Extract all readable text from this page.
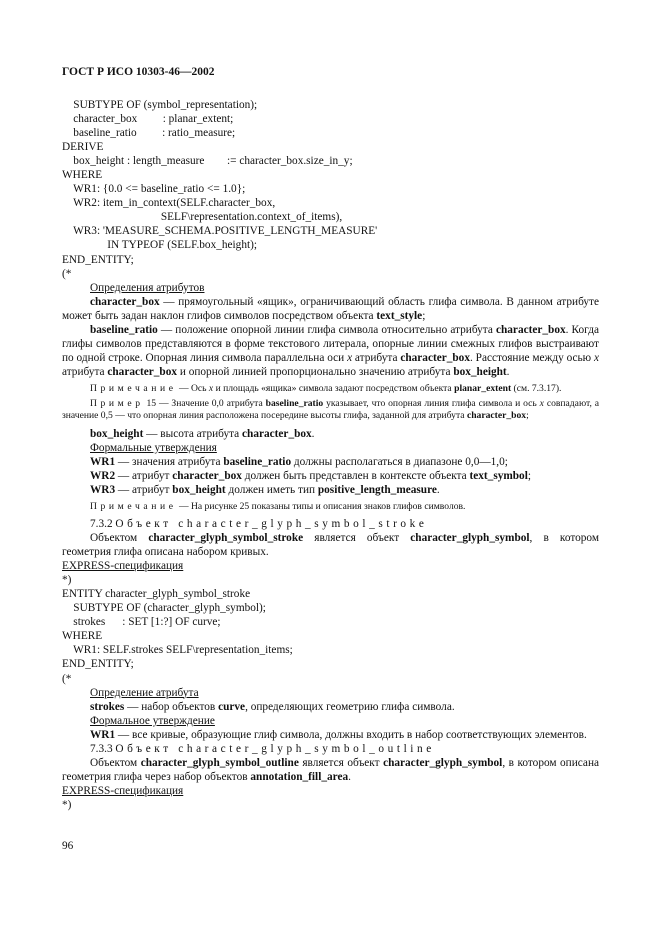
ГОСТ Р ИСО 10303-46—2002
SUBTYPE OF (symbol_representation);
character_box         : planar_extent;
baseline_ratio         : ratio_measure;
DERIVE
box_height : length_measure        := character_box.size_in_y;
WHERE
WR1: {0.0 <= baseline_ratio <= 1.0};
WR2: item_in_context(SELF.character_box,
SELF\representation.context_of_items),
WR3: 'MEASURE_SCHEMA.POSITIVE_LENGTH_MEASURE'
IN TYPEOF (SELF.box_height);
END_ENTITY;
(*
Определения атрибутов
character_box — прямоугольный «ящик», ограничивающий область глифа символа. В данном атрибуте может быть задан наклон глифов символов посредством объекта text_style;
baseline_ratio — положение опорной линии глифа символа относительно атрибута character_box. Когда глифы символов представляются в форме текстового литерала, опорные линии смежных глифов выстраивают по одной строке. Опорная линия символа параллельна оси x атрибута character_box. Расстояние между осью x атрибута character_box и опорной линией пропорционально значению атрибута box_height.
Примечание — Ось x и площадь «ящика» символа задают посредством объекта planar_extent (см. 7.3.17).
Пример 15 — Значение 0,0 атрибута baseline_ratio указывает, что опорная линия глифа символа и ось x совпадают, а значение 0,5 — что опорная линия расположена посередине высоты глифа, заданной для атрибута character_box;
box_height — высота атрибута character_box.
Формальные утверждения
WR1 — значения атрибута baseline_ratio должны располагаться в диапазоне 0,0—1,0;
WR2 — атрибут character_box должен быть представлен в контексте объекта text_symbol;
WR3 — атрибут box_height должен иметь тип positive_length_measure.
Примечание — На рисунке 25 показаны типы и описания знаков глифов символов.
7.3.2 Объект character_glyph_symbol_stroke
Объектом character_glyph_symbol_stroke является объект character_glyph_symbol, в котором геометрия глифа описана набором кривых.
EXPRESS-спецификация
*)
ENTITY character_glyph_symbol_stroke
SUBTYPE OF (character_glyph_symbol);
strokes      : SET [1:?] OF curve;
WHERE
WR1: SELF.strokes SELF\representation_items;
END_ENTITY;
(*
Определение атрибута
strokes — набор объектов curve, определяющих геометрию глифа символа.
Формальное утверждение
WR1 — все кривые, образующие глиф символа, должны входить в набор соответствующих элементов.
7.3.3 Объект character_glyph_symbol_outline
Объектом character_glyph_symbol_outline является объект character_glyph_symbol, в котором описана геометрия глифа через набор объектов annotation_fill_area.
EXPRESS-спецификация
*)
96
